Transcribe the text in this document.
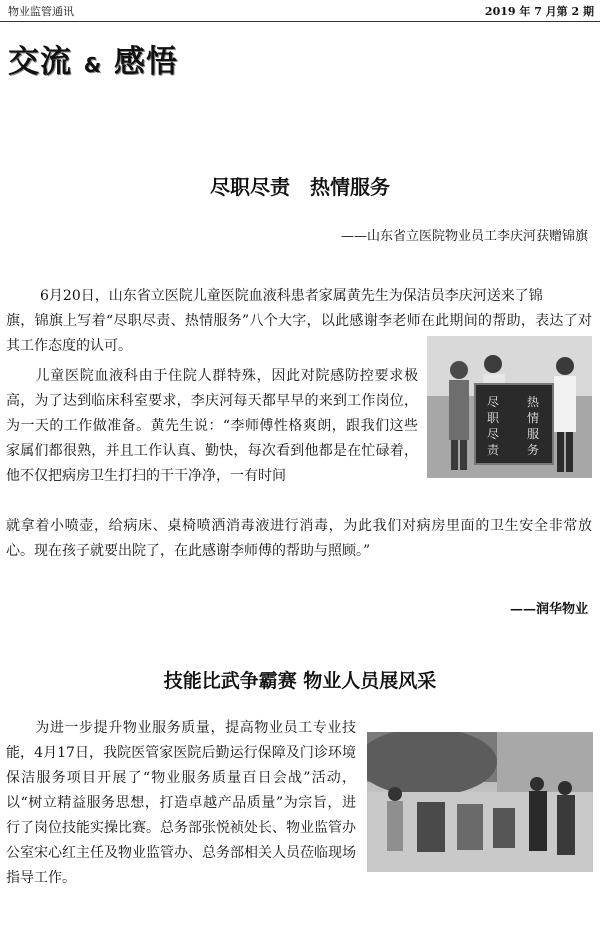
物业监管通讯	2019 年 7 月第 2 期
交流 & 感悟
尽职尽责　热情服务
——山东省立医院物业员工李庆河获赠锦旗
6月20日，山东省立医院儿童医院血液科患者家属黄先生为保洁员李庆河送来了锦
旗，锦旗上写着“尽职尽责、热情服务”八个大字，以此感谢李老师在此期间的帮助，表达了对其工作态度的认可。
尽
职
尽
责
热
情
服
务
　　儿童医院血液科由于住院人群特殊，因此对院感防控要求极高，为了达到临床科室要求，李庆河每天都早早的来到工作岗位，为一天的工作做准备。黄先生说：“李师傅性格爽朗，跟我们这些家属们都很熟，并且工作认真、勤快，每次看到他都是在忙碌着，他不仅把病房卫生打扫的干干净净，一有时间
就拿着小喷壶，给病床、桌椅喷洒消毒液进行消毒，为此我们对病房里面的卫生安全非常放心。现在孩子就要出院了，在此感谢李师傅的帮助与照顾。”
——润华物业
技能比武争霸赛 物业人员展风采
　　为进一步提升物业服务质量，提高物业员工专业技能，4月17日，我院医管家医院后勤运行保障及门诊环境保洁服务项目开展了“物业服务质量百日会战”活动，以“树立精益服务思想，打造卓越产品质量”为宗旨，进行了岗位技能实操比赛。总务部张悦祯处长、物业监管办公室宋心红主任及物业监管办、总务部相关人员莅临现场指导工作。
